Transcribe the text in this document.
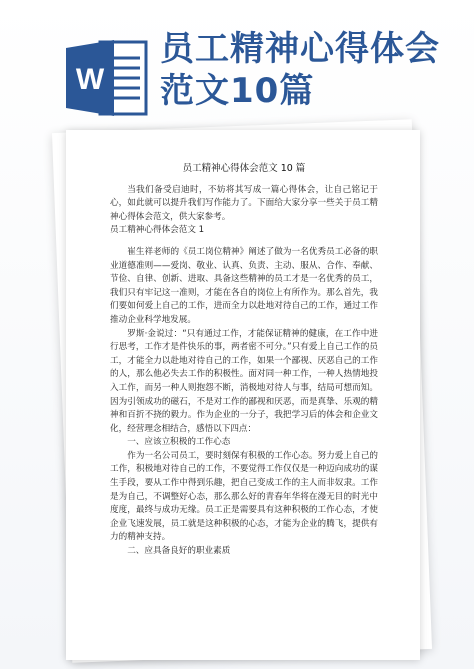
W
员工精神心得体会
范文10篇
员工精神心得体会范文 10 篇

当我们备受启迪时，不妨将其写成一篇心得体会，让自己铭记于心，如此就可以提升我们写作能力了。下面给大家分享一些关于员工精神心得体会范文，供大家参考。

员工精神心得体会范文 1

崔生祥老师的《员工岗位精神》阐述了做为一名优秀员工必备的职业道德准则——爱岗、敬业、认真、负责、主动、服从、合作、奉献、节俭、自律、创新、进取、具备这些精神的员工才是一名优秀的员工，我们只有牢记这一准则，才能在各自的岗位上有所作为。那么首先，我们要如何爱上自己的工作，进而全力以赴地对待自己的工作，通过工作推动企业科学地发展。

罗斯·金说过：“只有通过工作，才能保证精神的健康，在工作中进行思考，工作才是件快乐的事，两者密不可分。”只有爱上自己工作的员工，才能全力以赴地对待自己的工作，如果一个鄙视、厌恶自己的工作的人，那么他必失去工作的积极性。面对同一种工作，一种人热情地投入工作，而另一种人则抱怨不断，消极地对待人与事，结局可想而知。因为引领成功的磁石，不是对工作的鄙视和厌恶，而是真挚、乐观的精神和百折不挠的毅力。作为企业的一分子，我把学习后的体会和企业文化，经营理念相结合，感悟以下四点：

一、应该立积极的工作心态

作为一名公司员工，要时刻保有积极的工作心态。努力爱上自己的工作，积极地对待自己的工作，不要觉得工作仅仅是一种迈向成功的谋生手段，要从工作中得到乐趣，把自己变成工作的主人而非奴隶。工作是为自己，不调整好心态，那么那么好的青春年华将在漫无目的时光中度度，最终与成功无缘。员工正是需要具有这种积极的工作心态，才使企业飞速发展，员工就是这种积极的心态，才能为企业的腾飞，提供有力的精神支持。

二、应具备良好的职业素质
